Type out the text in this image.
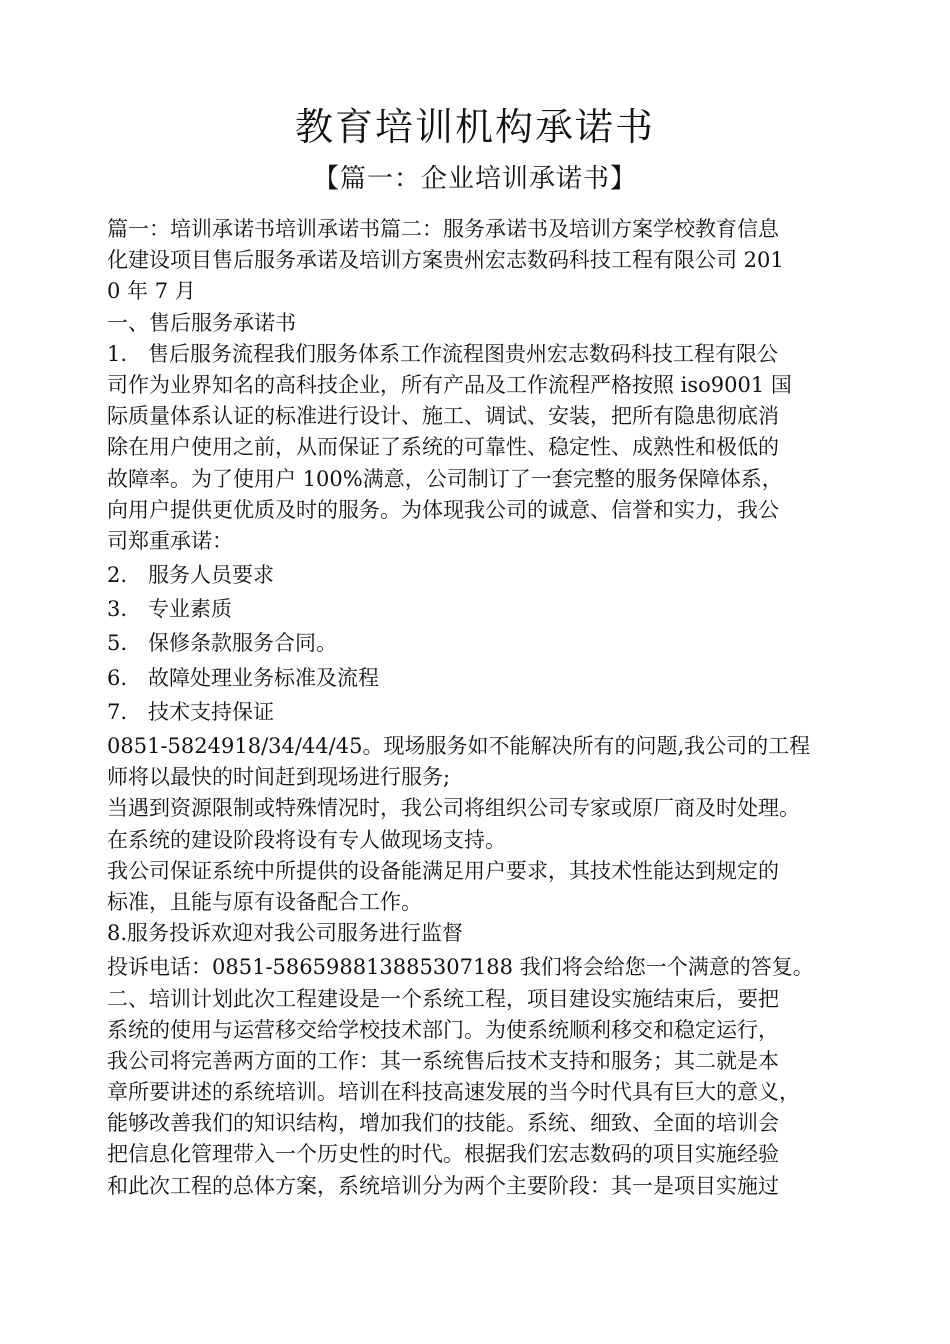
教育培训机构承诺书
【篇一：企业培训承诺书】
篇一：培训承诺书培训承诺书篇二：服务承诺书及培训方案学校教育信息
化建设项目售后服务承诺及培训方案贵州宏志数码科技工程有限公司 201
0 年 7 月
一、售后服务承诺书
1.　售后服务流程我们服务体系工作流程图贵州宏志数码科技工程有限公
司作为业界知名的高科技企业，所有产品及工作流程严格按照 iso9001 国
际质量体系认证的标准进行设计、施工、调试、安装，把所有隐患彻底消
除在用户使用之前，从而保证了系统的可靠性、稳定性、成熟性和极低的
故障率。为了使用户 100%满意，公司制订了一套完整的服务保障体系，
向用户提供更优质及时的服务。为体现我公司的诚意、信誉和实力，我公
司郑重承诺：
2.　服务人员要求
3.　专业素质
5.　保修条款服务合同。
6.　故障处理业务标准及流程
7.　技术支持保证
0851-5824918/34/44/45。现场服务如不能解决所有的问题,我公司的工程
师将以最快的时间赶到现场进行服务;
当遇到资源限制或特殊情况时，我公司将组织公司专家或原厂商及时处理。
在系统的建设阶段将设有专人做现场支持。
我公司保证系统中所提供的设备能满足用户要求，其技术性能达到规定的
标准，且能与原有设备配合工作。
8.服务投诉欢迎对我公司服务进行监督
投诉电话：0851-586598813885307188 我们将会给您一个满意的答复。
二、培训计划此次工程建设是一个系统工程，项目建设实施结束后，要把
系统的使用与运营移交给学校技术部门。为使系统顺利移交和稳定运行，
我公司将完善两方面的工作：其一系统售后技术支持和服务；其二就是本
章所要讲述的系统培训。培训在科技高速发展的当今时代具有巨大的意义，
能够改善我们的知识结构，增加我们的技能。系统、细致、全面的培训会
把信息化管理带入一个历史性的时代。根据我们宏志数码的项目实施经验
和此次工程的总体方案，系统培训分为两个主要阶段：其一是项目实施过
